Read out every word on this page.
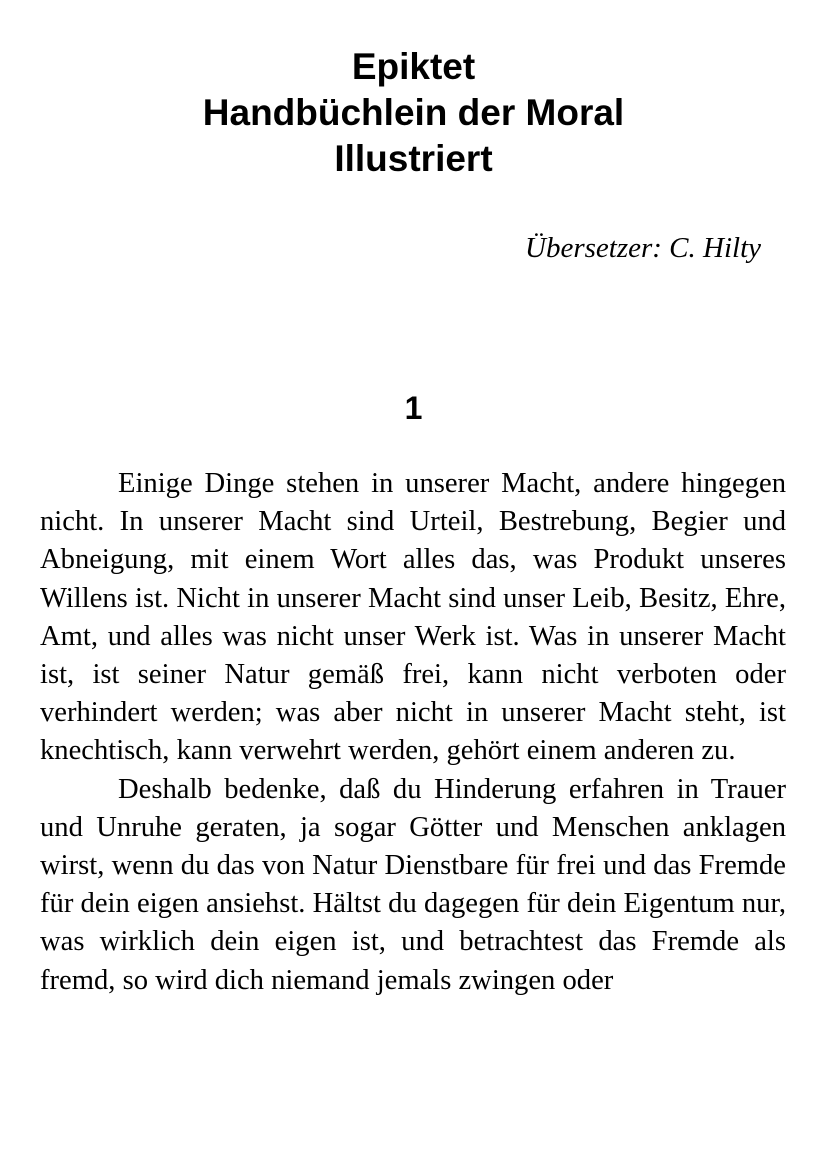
Epiktet
Handbüchlein der Moral
Illustriert
Übersetzer: C. Hilty
1

Einige Dinge stehen in unserer Macht, andere hingegen nicht. In unserer Macht sind Urteil, Bestrebung, Begier und Abneigung, mit einem Wort alles das, was Produkt unseres Willens ist. Nicht in unserer Macht sind unser Leib, Besitz, Ehre, Amt, und alles was nicht unser Werk ist. Was in unserer Macht ist, ist seiner Natur gemäß frei, kann nicht verboten oder verhindert werden; was aber nicht in unserer Macht steht, ist knechtisch, kann verwehrt werden, gehört einem anderen zu.

Deshalb bedenke, daß du Hinderung erfahren in Trauer und Unruhe geraten, ja sogar Götter und Menschen anklagen wirst, wenn du das von Natur Dienstbare für frei und das Fremde für dein eigen ansiehst. Hältst du dagegen für dein Eigentum nur, was wirklich dein eigen ist, und betrachtest das Fremde als fremd, so wird dich niemand jemals zwingen oder
